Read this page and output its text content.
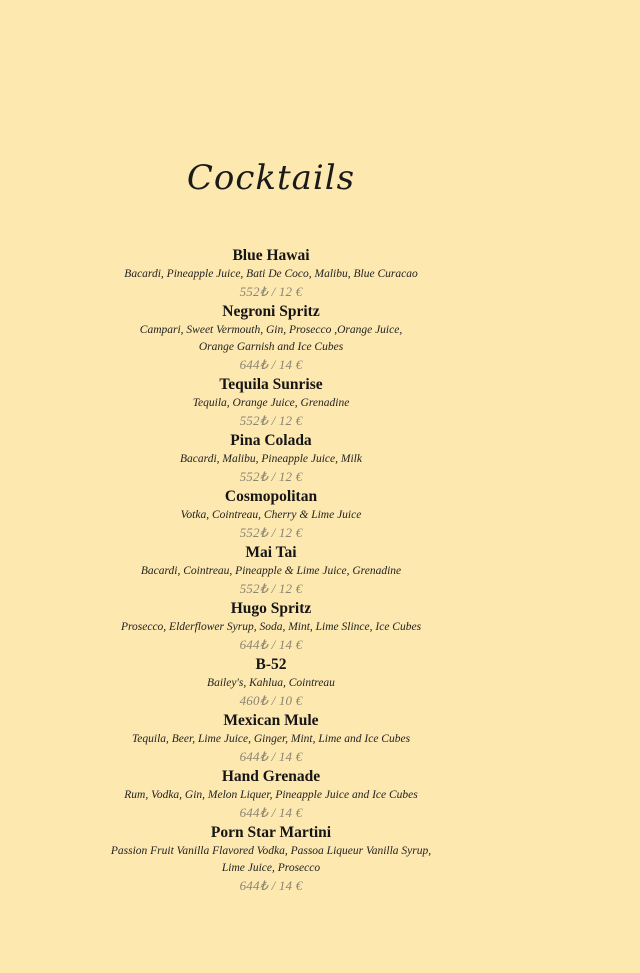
Cocktails
Blue Hawai
Bacardi, Pineapple Juice, Bati De Coco, Malibu, Blue Curacao
552₺ / 12 €
Negroni Spritz
Campari, Sweet Vermouth, Gin, Prosecco ,Orange Juice,
Orange Garnish and Ice Cubes
644₺ / 14 €
Tequila Sunrise
Tequila, Orange Juice, Grenadine
552₺ / 12 €
Pina Colada
Bacardi, Malibu, Pineapple Juice, Milk
552₺ / 12 €
Cosmopolitan
Votka, Cointreau, Cherry & Lime Juice
552₺ / 12 €
Mai Tai
Bacardi, Cointreau, Pineapple & Lime Juice, Grenadine
552₺ / 12 €
Hugo Spritz
Prosecco, Elderflower Syrup, Soda, Mint, Lime Slince, Ice Cubes
644₺ / 14 €
B-52
Bailey's, Kahlua, Cointreau
460₺ / 10 €
Mexican Mule
Tequila, Beer, Lime Juice, Ginger, Mint, Lime and Ice Cubes
644₺ / 14 €
Hand Grenade
Rum, Vodka, Gin, Melon Liquer, Pineapple Juice and Ice Cubes
644₺ / 14 €
Porn Star Martini
Passion Fruit Vanilla Flavored Vodka, Passoa Liqueur Vanilla Syrup,
Lime Juice, Prosecco
644₺ / 14 €
